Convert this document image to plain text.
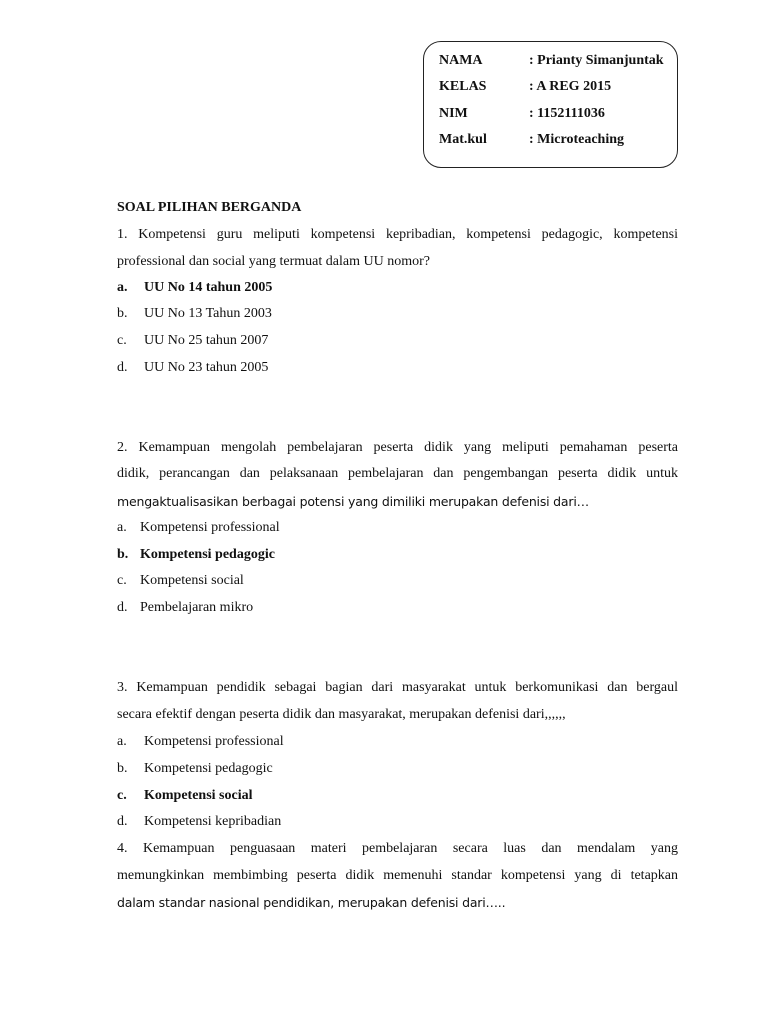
NAMA	: Prianty Simanjuntak
KELAS	: A REG 2015
NIM	: 1152111036
Mat.kul	: Microteaching
SOAL PILIHAN BERGANDA
1. Kompetensi guru meliputi kompetensi kepribadian, kompetensi pedagogic, kompetensi
professional dan social yang termuat dalam UU nomor?
a. UU No 14 tahun 2005
b. UU No 13 Tahun 2003
c. UU No 25 tahun 2007
d. UU No 23 tahun 2005
2. Kemampuan mengolah pembelajaran peserta didik yang meliputi pemahaman peserta
didik, perancangan dan pelaksanaan pembelajaran dan pengembangan peserta didik untuk
mengaktualisasikan berbagai potensi yang dimiliki merupakan defenisi dari…
a. Kompetensi professional
b. Kompetensi pedagogic
c. Kompetensi social
d. Pembelajaran mikro
3. Kemampuan pendidik sebagai bagian dari masyarakat untuk berkomunikasi dan bergaul
secara efektif dengan peserta didik dan masyarakat, merupakan defenisi dari,,,,,,
a. Kompetensi professional
b. Kompetensi pedagogic
c. Kompetensi social
d. Kompetensi kepribadian
4. Kemampuan penguasaan materi pembelajaran secara luas dan mendalam yang
memungkinkan membimbing peserta didik memenuhi standar kompetensi yang di tetapkan
dalam standar nasional pendidikan, merupakan defenisi dari…..
